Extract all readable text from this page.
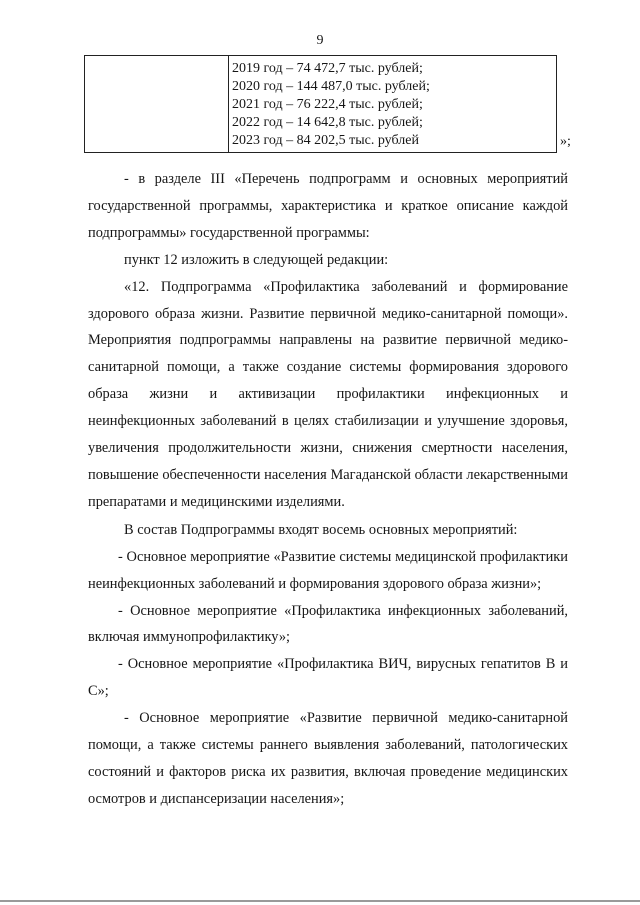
9

2019 год – 74 472,7 тыс. рублей;
2020 год – 144 487,0 тыс. рублей;
2021 год – 76 222,4 тыс. рублей;
2022 год – 14 642,8 тыс. рублей;
2023 год – 84 202,5 тыс. рублей	»;

- в разделе III «Перечень подпрограмм и основных мероприятий государственной программы, характеристика и краткое описание каждой подпрограммы» государственной программы:

пункт 12 изложить в следующей редакции:

«12. Подпрограмма «Профилактика заболеваний и формирование здорового образа жизни. Развитие первичной медико-санитарной помощи». Мероприятия подпрограммы направлены на развитие первичной медико-санитарной помощи, а также создание системы формирования здорового образа жизни и активизации профилактики инфекционных и неинфекционных заболеваний в целях стабилизации и улучшение здоровья, увеличения продолжительности жизни, снижения смертности населения, повышение обеспеченности населения Магаданской области лекарственными препаратами и медицинскими изделиями.

В состав Подпрограммы входят восемь основных мероприятий:

- Основное мероприятие «Развитие системы медицинской профилактики неинфекционных заболеваний и формирования здорового образа жизни»;

- Основное мероприятие «Профилактика инфекционных заболеваний, включая иммунопрофилактику»;

- Основное мероприятие «Профилактика ВИЧ, вирусных гепатитов В и С»;

- Основное мероприятие «Развитие первичной медико-санитарной помощи, а также системы раннего выявления заболеваний, патологических состояний и факторов риска их развития, включая проведение медицинских осмотров и диспансеризации населения»;
